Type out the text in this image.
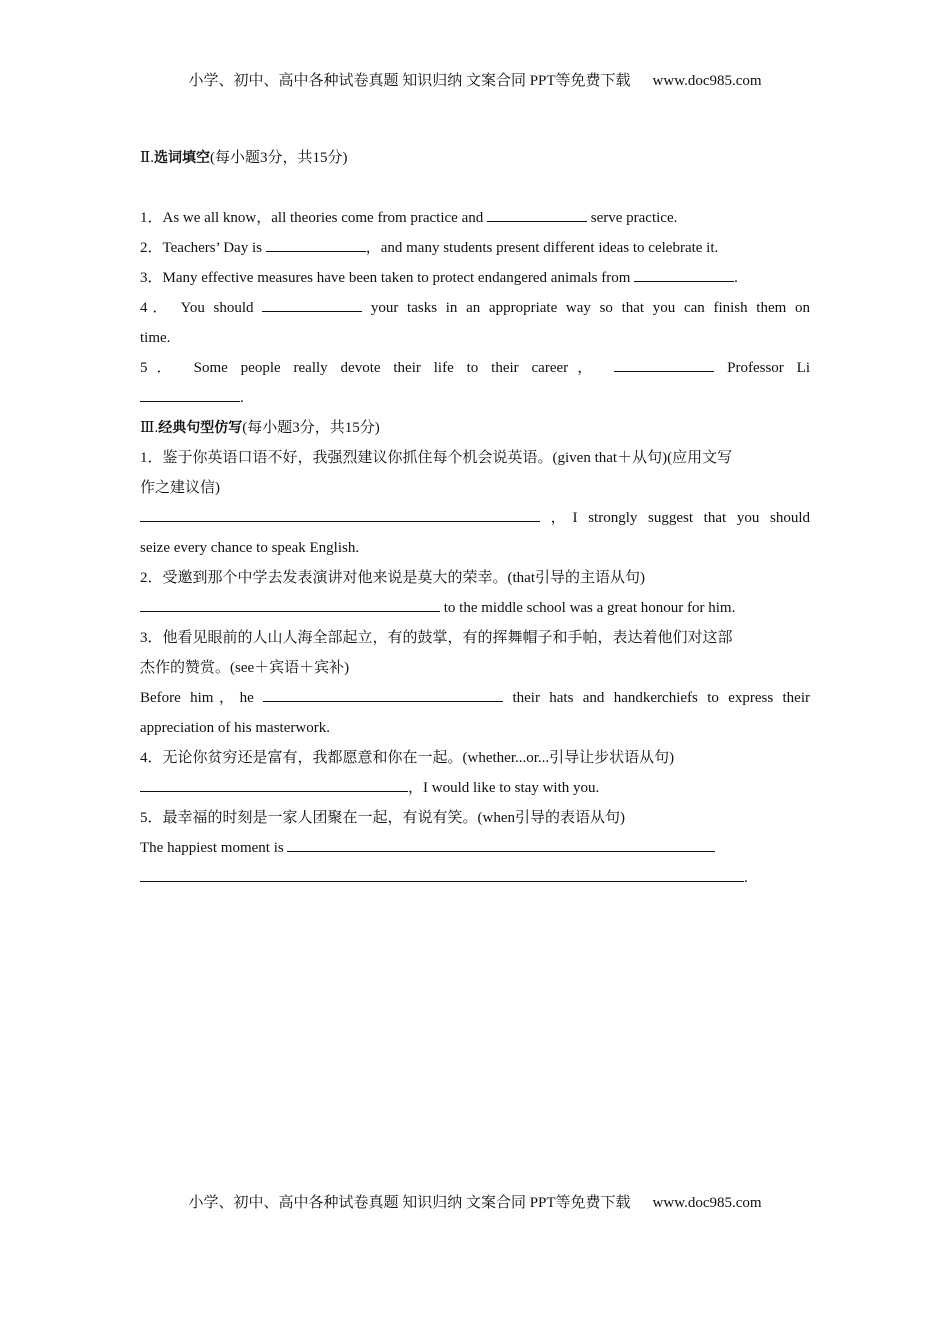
小学、初中、高中各种试卷真题 知识归纳 文案合同 PPT等免费下载 www.doc985.com
Ⅱ.选词填空(每小题3分，共15分)
1．As we all know，all theories come from practice and	serve practice.
2．Teachers’ Day is	，and many students present different ideas to celebrate it.
3．Many effective measures have been taken to protect endangered animals from	.
4． You should	your tasks in an appropriate way so that you can finish them on
time.
5． Some people really devote their life to their career，	Professor Li
.
Ⅲ.经典句型仿写(每小题3分，共15分)
1．鉴于你英语口语不好，我强烈建议你抓住每个机会说英语。(given that＋从句)(应用文写
作之建议信)
，I strongly suggest that you should
seize every chance to speak English.
2．受邀到那个中学去发表演讲对他来说是莫大的荣幸。(that引导的主语从句)
to the middle school was a great honour for him.
3．他看见眼前的人山人海全部起立，有的鼓掌，有的挥舞帽子和手帕，表达着他们对这部
杰作的赞赏。(see＋宾语＋宾补)
Before him，he	their hats and handkerchiefs to express their
appreciation of his masterwork.
4．无论你贫穷还是富有，我都愿意和你在一起。(whether...or...引导让步状语从句)
，I would like to stay with you.
5．最幸福的时刻是一家人团聚在一起，有说有笑。(when引导的表语从句)
The happiest moment is
.
小学、初中、高中各种试卷真题 知识归纳 文案合同 PPT等免费下载 www.doc985.com
